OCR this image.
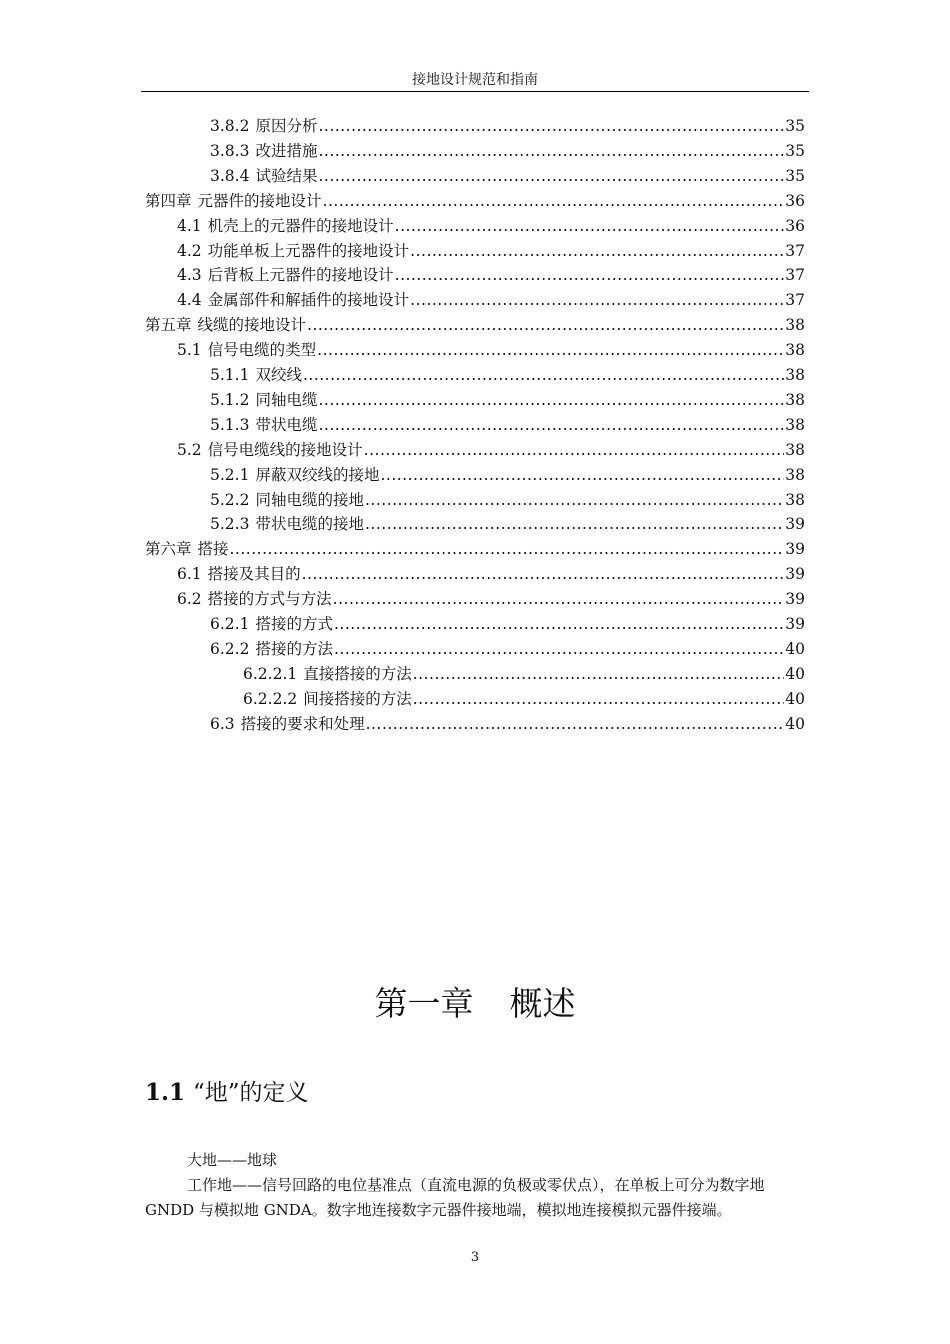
接地设计规范和指南
3.8.2 原因分析 .....	35
3.8.3 改进措施 .....	35
3.8.4 试验结果 .....	35
第四章 元器件的接地设计 .....	36
4.1 机壳上的元器件的接地设计 .....	36
4.2 功能单板上元器件的接地设计 .....	37
4.3 后背板上元器件的接地设计 .....	37
4.4 金属部件和解插件的接地设计 .....	37
第五章 线缆的接地设计 .....	38
5.1 信号电缆的类型 .....	38
5.1.1 双绞线 .....	38
5.1.2 同轴电缆 .....	38
5.1.3 带状电缆 .....	38
5.2 信号电缆线的接地设计 .....	38
5.2.1 屏蔽双绞线的接地 .....	38
5.2.2 同轴电缆的接地 .....	38
5.2.3 带状电缆的接地 .....	39
第六章 搭接 .....	39
6.1 搭接及其目的 .....	39
6.2 搭接的方式与方法 .....	39
6.2.1 搭接的方式 .....	39
6.2.2 搭接的方法 .....	40
6.2.2.1 直接搭接的方法 .....	40
6.2.2.2 间接搭接的方法 .....	40
6.3 搭接的要求和处理 .....	40
第一章 概述
1.1 “地”的定义
大地——地球
工作地——信号回路的电位基准点（直流电源的负极或零伏点），在单板上可分为数字地 GNDD 与模拟地 GNDA。数字地连接数字元器件接地端，模拟地连接模拟元器件接端。
3
